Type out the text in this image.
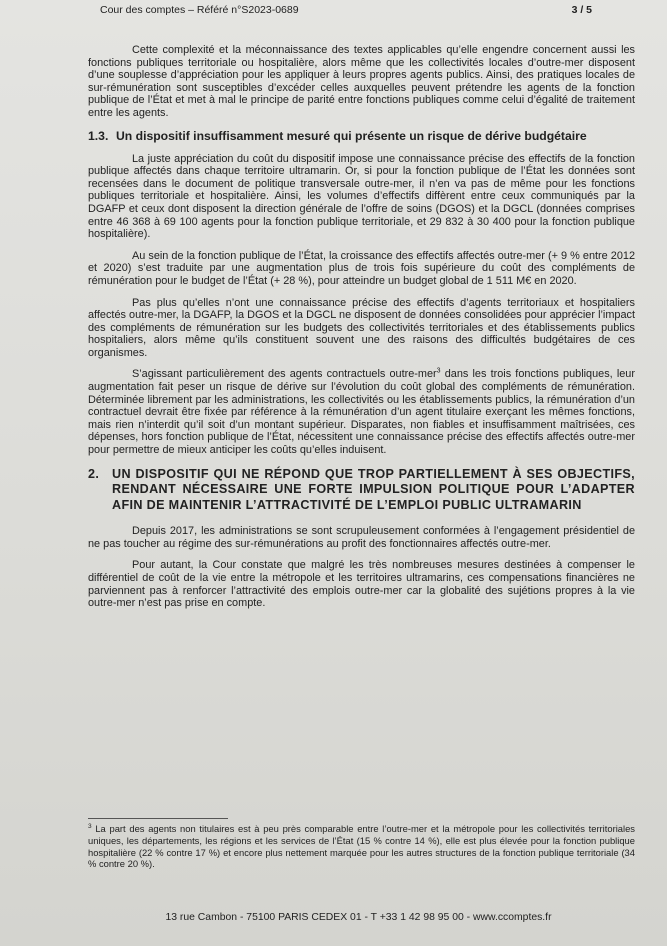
Cour des comptes – Référé n°S2023-0689	3 / 5

Cette complexité et la méconnaissance des textes applicables qu’elle engendre concernent aussi les fonctions publiques territoriale ou hospitalière, alors même que les collectivités locales d’outre-mer disposent d’une souplesse d’appréciation pour les appliquer à leurs propres agents publics. Ainsi, des pratiques locales de sur-rémunération sont susceptibles d’excéder celles auxquelles peuvent prétendre les agents de la fonction publique de l’État et met à mal le principe de parité entre fonctions publiques comme celui d’égalité de traitement entre les agents.

1.3. Un dispositif insuffisamment mesuré qui présente un risque de dérive budgétaire

La juste appréciation du coût du dispositif impose une connaissance précise des effectifs de la fonction publique affectés dans chaque territoire ultramarin. Or, si pour la fonction publique de l’État les données sont recensées dans le document de politique transversale outre-mer, il n’en va pas de même pour les fonctions publiques territoriale et hospitalière. Ainsi, les volumes d’effectifs diffèrent entre ceux communiqués par la DGAFP et ceux dont disposent la direction générale de l’offre de soins (DGOS) et la DGCL (données comprises entre 46 368 à 69 100 agents pour la fonction publique territoriale, et 29 832 à 30 400 pour la fonction publique hospitalière).

Au sein de la fonction publique de l’État, la croissance des effectifs affectés outre-mer (+ 9 % entre 2012 et 2020) s’est traduite par une augmentation plus de trois fois supérieure du coût des compléments de rémunération pour le budget de l’État (+ 28 %), pour atteindre un budget global de 1 511 M€ en 2020.

Pas plus qu’elles n’ont une connaissance précise des effectifs d’agents territoriaux et hospitaliers affectés outre-mer, la DGAFP, la DGOS et la DGCL ne disposent de données consolidées pour apprécier l’impact des compléments de rémunération sur les budgets des collectivités territoriales et des établissements publics hospitaliers, alors même qu’ils constituent souvent une des raisons des difficultés budgétaires de ces organismes.

S’agissant particulièrement des agents contractuels outre-mer$^3$ dans les trois fonctions publiques, leur augmentation fait peser un risque de dérive sur l’évolution du coût global des compléments de rémunération. Déterminée librement par les administrations, les collectivités ou les établissements publics, la rémunération d’un contractuel devrait être fixée par référence à la rémunération d’un agent titulaire exerçant les mêmes fonctions, mais rien n’interdit qu’il soit d’un montant supérieur. Disparates, non fiables et insuffisamment maîtrisées, ces dépenses, hors fonction publique de l’État, nécessitent une connaissance précise des effectifs affectés outre-mer pour permettre de mieux anticiper les coûts qu’elles induisent.

2.	UN DISPOSITIF QUI NE RÉPOND QUE TROP PARTIELLEMENT À SES OBJECTIFS, RENDANT NÉCESSAIRE UNE FORTE IMPULSION POLITIQUE POUR L’ADAPTER AFIN DE MAINTENIR L’ATTRACTIVITÉ DE L’EMPLOI PUBLIC ULTRAMARIN

Depuis 2017, les administrations se sont scrupuleusement conformées à l’engagement présidentiel de ne pas toucher au régime des sur-rémunérations au profit des fonctionnaires affectés outre-mer.

Pour autant, la Cour constate que malgré les très nombreuses mesures destinées à compenser le différentiel de coût de la vie entre la métropole et les territoires ultramarins, ces compensations financières ne parviennent pas à renforcer l’attractivité des emplois outre-mer car la globalité des sujétions propres à la vie outre-mer n’est pas prise en compte.

$^3$ La part des agents non titulaires est à peu près comparable entre l’outre-mer et la métropole pour les collectivités territoriales uniques, les départements, les régions et les services de l’État (15 % contre 14 %), elle est plus élevée pour la fonction publique hospitalière (22 % contre 17 %) et encore plus nettement marquée pour les autres structures de la fonction publique territoriale (34 % contre 20 %).
13 rue Cambon - 75100 PARIS CEDEX 01 - T +33 1 42 98 95 00 - www.ccomptes.fr
